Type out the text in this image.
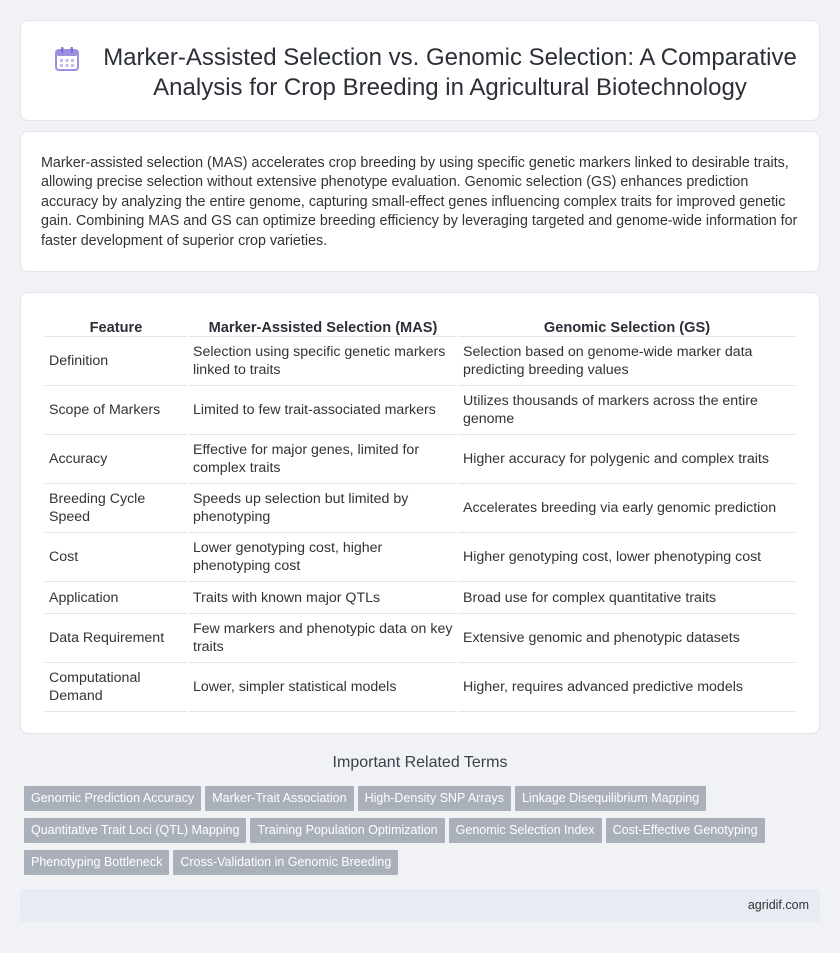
Marker-Assisted Selection vs. Genomic Selection: A Comparative Analysis for Crop Breeding in Agricultural Biotechnology

Marker-assisted selection (MAS) accelerates crop breeding by using specific genetic markers linked to desirable traits, allowing precise selection without extensive phenotype evaluation. Genomic selection (GS) enhances prediction accuracy by analyzing the entire genome, capturing small-effect genes influencing complex traits for improved genetic gain. Combining MAS and GS can optimize breeding efficiency by leveraging targeted and genome-wide information for faster development of superior crop varieties.

Feature	Marker-Assisted Selection (MAS)	Genomic Selection (GS)
Definition	Selection using specific genetic markers linked to traits	Selection based on genome-wide marker data predicting breeding values
Scope of Markers	Limited to few trait-associated markers	Utilizes thousands of markers across the entire genome
Accuracy	Effective for major genes, limited for complex traits	Higher accuracy for polygenic and complex traits
Breeding Cycle Speed	Speeds up selection but limited by phenotyping	Accelerates breeding via early genomic prediction
Cost	Lower genotyping cost, higher phenotyping cost	Higher genotyping cost, lower phenotyping cost
Application	Traits with known major QTLs	Broad use for complex quantitative traits
Data Requirement	Few markers and phenotypic data on key traits	Extensive genomic and phenotypic datasets
Computational Demand	Lower, simpler statistical models	Higher, requires advanced predictive models
Important Related Terms
Genomic Prediction Accuracy Marker-Trait Association High-Density SNP Arrays Linkage Disequilibrium MappingQuantitative Trait Loci (QTL) Mapping Training Population Optimization Genomic Selection Index Cost-Effective GenotypingPhenotyping Bottleneck Cross-Validation in Genomic Breeding
agridif.com
